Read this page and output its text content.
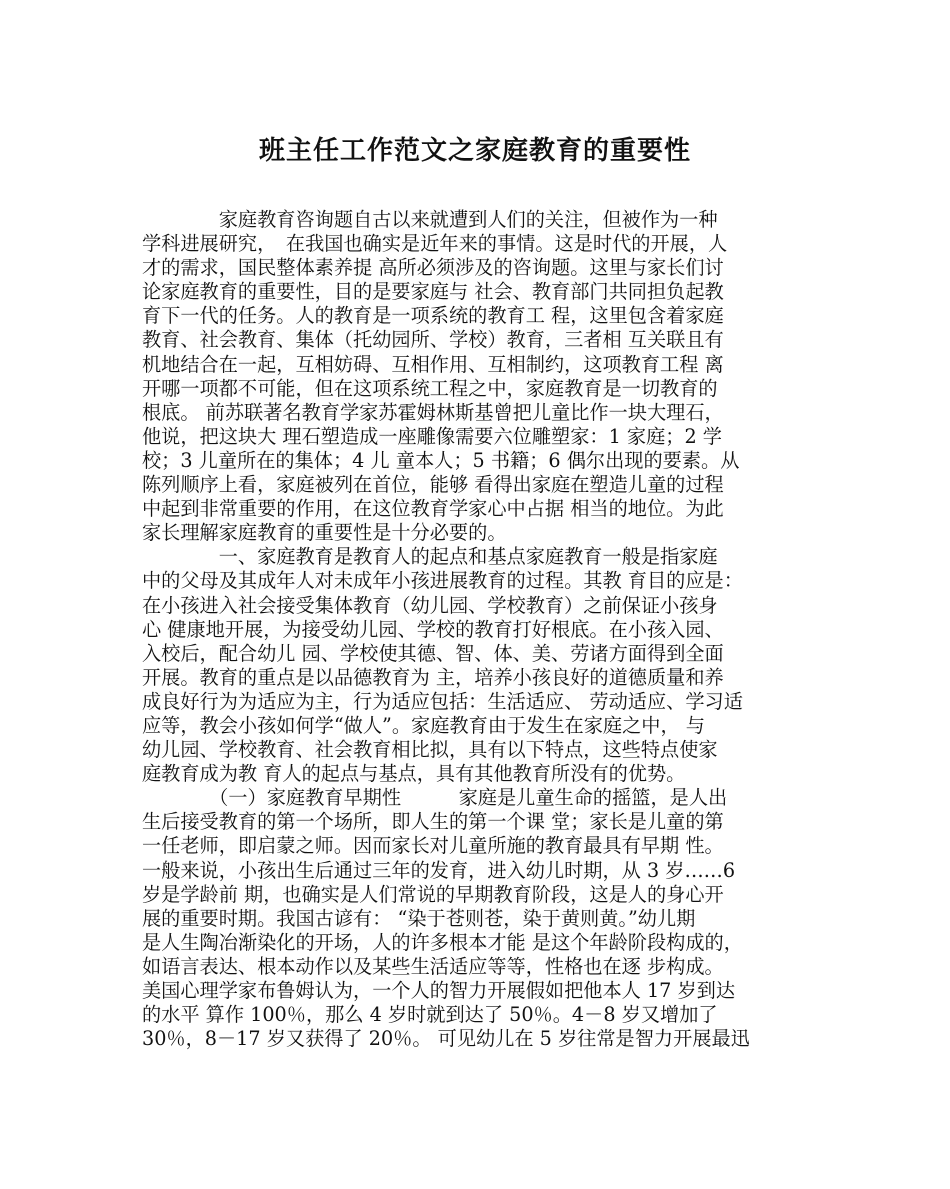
班主任工作范文之家庭教育的重要性
　　　　家庭教育咨询题自古以来就遭到人们的关注，但被作为一种
学科进展研究，　在我国也确实是近年来的事情。这是时代的开展，人
才的需求，国民整体素养提 高所必须涉及的咨询题。这里与家长们讨
论家庭教育的重要性，目的是要家庭与 社会、教育部门共同担负起教
育下一代的任务。人的教育是一项系统的教育工 程，这里包含着家庭
教育、社会教育、集体（托幼园所、学校）教育，三者相 互关联且有
机地结合在一起，互相妨碍、互相作用、互相制约，这项教育工程 离
开哪一项都不可能，但在这项系统工程之中，家庭教育是一切教育的
根底。 前苏联著名教育学家苏霍姆林斯基曾把儿童比作一块大理石，
他说，把这块大 理石塑造成一座雕像需要六位雕塑家：1 家庭；2 学
校；3 儿童所在的集体；4 儿 童本人；5 书籍；6 偶尔出现的要素。从
陈列顺序上看，家庭被列在首位，能够 看得出家庭在塑造儿童的过程
中起到非常重要的作用，在这位教育学家心中占据 相当的地位。为此
家长理解家庭教育的重要性是十分必要的。
　　　　一、家庭教育是教育人的起点和基点家庭教育一般是指家庭
中的父母及其成年人对未成年小孩进展教育的过程。其教 育目的应是：
在小孩进入社会接受集体教育（幼儿园、学校教育）之前保证小孩身
心 健康地开展，为接受幼儿园、学校的教育打好根底。在小孩入园、
入校后，配合幼儿 园、学校使其德、智、体、美、劳诸方面得到全面
开展。教育的重点是以品德教育为 主，培养小孩良好的道德质量和养
成良好行为为适应为主，行为适应包括：生活适应、 劳动适应、学习适
应等，教会小孩如何学“做人”。家庭教育由于发生在家庭之中， 与
幼儿园、学校教育、社会教育相比拟，具有以下特点，这些特点使家
庭教育成为教 育人的起点与基点，具有其他教育所没有的优势。
　　　　（一）家庭教育早期性　　　家庭是儿童生命的摇篮，是人出
生后接受教育的第一个场所，即人生的第一个课 堂；家长是儿童的第
一任老师，即启蒙之师。因而家长对儿童所施的教育最具有早期 性。
一般来说，小孩出生后通过三年的发育，进入幼儿时期，从 3 岁……6
岁是学龄前 期，也确实是人们常说的早期教育阶段，这是人的身心开
展的重要时期。我国古谚有： “染于苍则苍，染于黄则黄。”幼儿期
是人生陶冶渐染化的开场，人的许多根本才能 是这个年龄阶段构成的，
如语言表达、根本动作以及某些生活适应等等，性格也在逐 步构成。
美国心理学家布鲁姆认为，一个人的智力开展假如把他本人 17 岁到达
的水平 算作 100％，那么 4 岁时就到达了 50％。4－8 岁又增加了
30％，8－17 岁又获得了 20％。 可见幼儿在 5 岁往常是智力开展最迅
